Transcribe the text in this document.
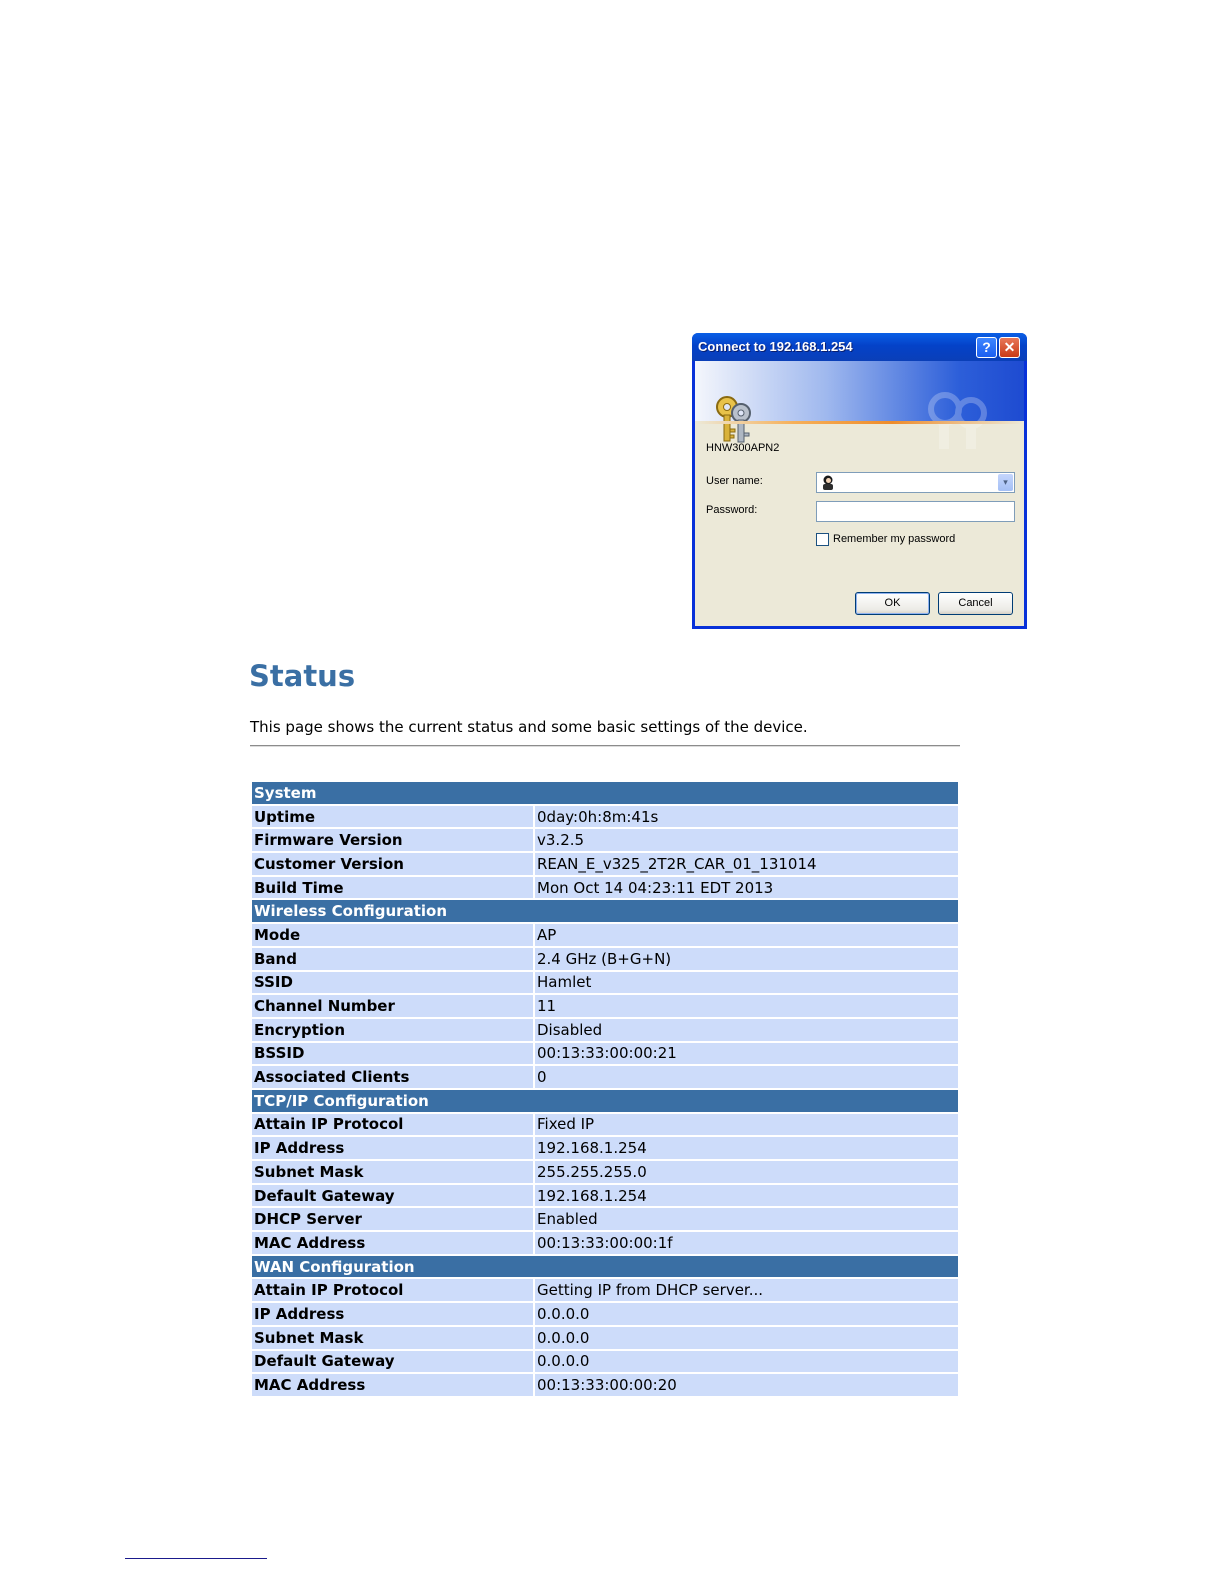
Connect to 192.168.1.254	? ✕
HNW300APN2
User name:	▾
Password:
Remember my password
OK	Cancel
Status
This page shows the current status and some basic settings of the device.
System	
Uptime	0day:0h:8m:41s
Firmware Version	v3.2.5
Customer Version	REAN_E_v325_2T2R_CAR_01_131014
Build Time	Mon Oct 14 04:23:11 EDT 2013
Wireless Configuration	
Mode	AP
Band	2.4 GHz (B+G+N)
SSID	Hamlet
Channel Number	11
Encryption	Disabled
BSSID	00:13:33:00:00:21
Associated Clients	0
TCP/IP Configuration	
Attain IP Protocol	Fixed IP
IP Address	192.168.1.254
Subnet Mask	255.255.255.0
Default Gateway	192.168.1.254
DHCP Server	Enabled
MAC Address	00:13:33:00:00:1f
WAN Configuration	
Attain IP Protocol	Getting IP from DHCP server...
IP Address	0.0.0.0
Subnet Mask	0.0.0.0
Default Gateway	0.0.0.0
MAC Address	00:13:33:00:00:20
